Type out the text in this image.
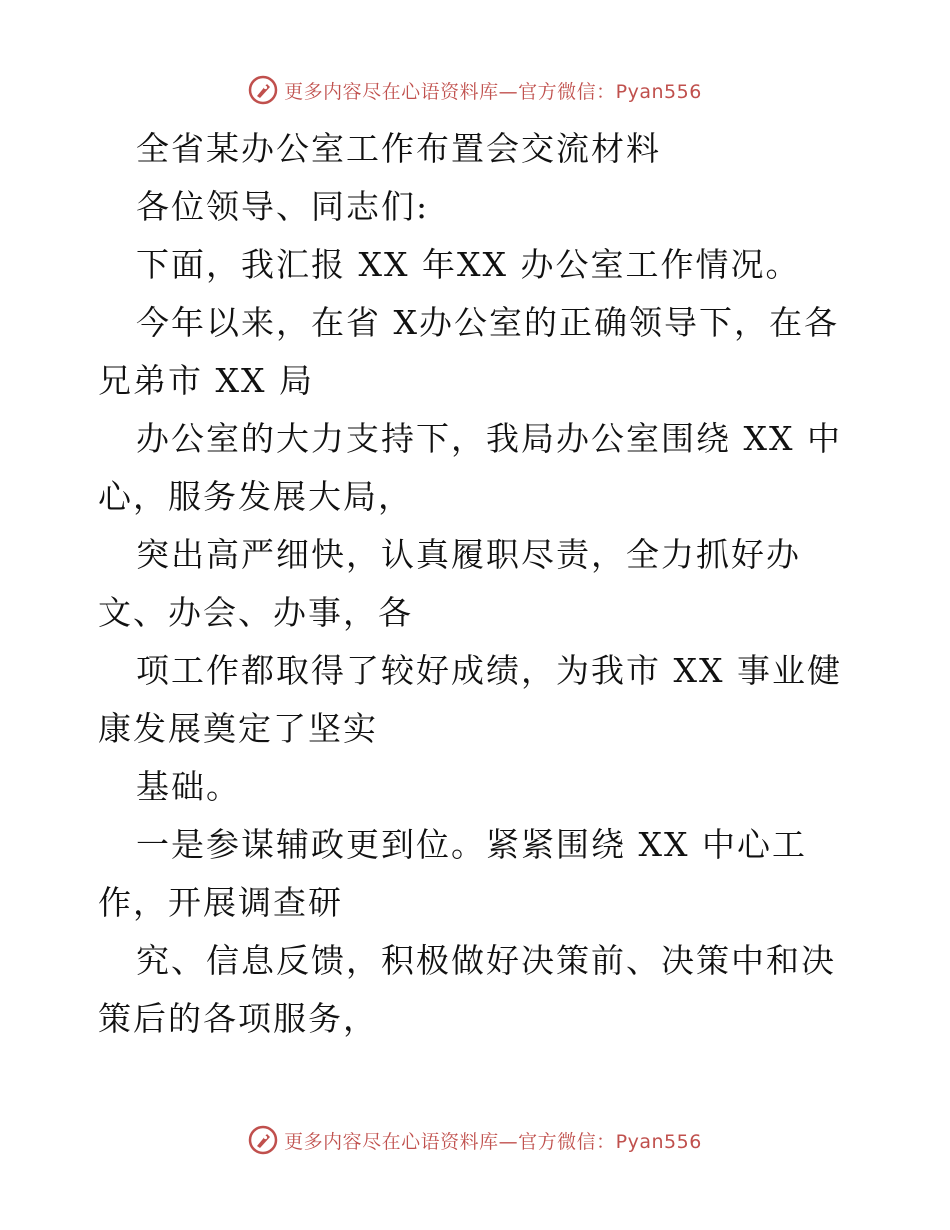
更多内容尽在心语资料库—官方微信：Pyan556

全省某办公室工作布置会交流材料

各位领导、同志们:

下面，我汇报 XX 年XX 办公室工作情况。

今年以来，在省 X办公室的正确领导下，在各兄弟市 XX 局

办公室的大力支持下，我局办公室围绕 XX 中心，服务发展大局，

突出高严细快，认真履职尽责，全力抓好办文、办会、办事，各

项工作都取得了较好成绩，为我市 XX 事业健康发展奠定了坚实

基础。

一是参谋辅政更到位。紧紧围绕 XX 中心工作，开展调查研

究、信息反馈，积极做好决策前、决策中和决策后的各项服务，

更多内容尽在心语资料库—官方微信：Pyan556
